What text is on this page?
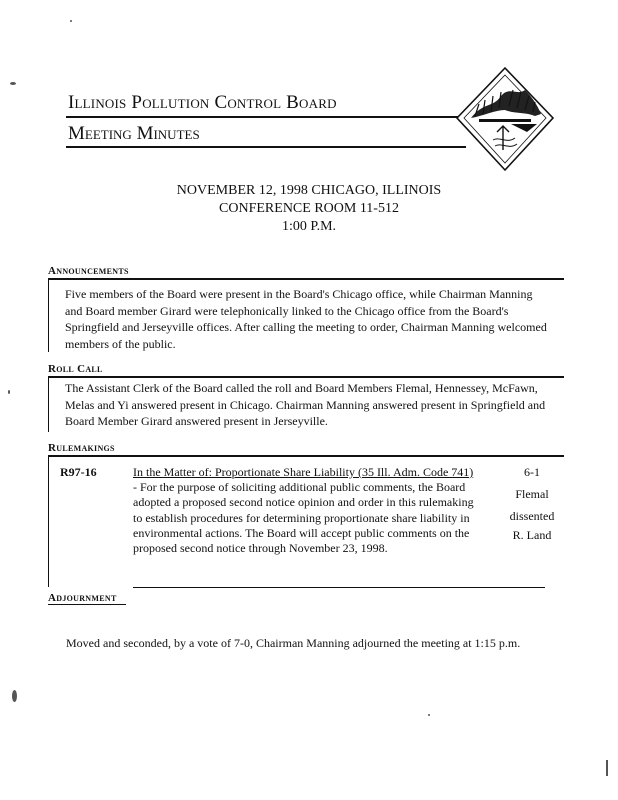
Illinois Pollution Control Board
Meeting Minutes
NOVEMBER 12, 1998 CHICAGO, ILLINOIS
CONFERENCE ROOM 11-512
1:00 P.M.
Announcements
Five members of the Board were present in the Board's Chicago office, while Chairman Manning and Board member Girard were telephonically linked to the Chicago office from the Board's Springfield and Jerseyville offices. After calling the meeting to order, Chairman Manning welcomed members of the public.
Roll Call
The Assistant Clerk of the Board called the roll and Board Members Flemal, Hennessey, McFawn, Melas and Yi answered present in Chicago. Chairman Manning answered present in Springfield and Board Member Girard answered present in Jerseyville.
Rulemakings
R97-16	In the Matter of: Proportionate Share Liability (35 Ill. Adm. Code 741) - For the purpose of soliciting additional public comments, the Board adopted a proposed second notice opinion and order in this rulemaking to establish procedures for determining proportionate share liability in environmental actions. The Board will accept public comments on the proposed second notice through November 23, 1998.
6-1
Flemal
dissented
R. Land
Adjournment
Moved and seconded, by a vote of 7-0, Chairman Manning adjourned the meeting at 1:15 p.m.
